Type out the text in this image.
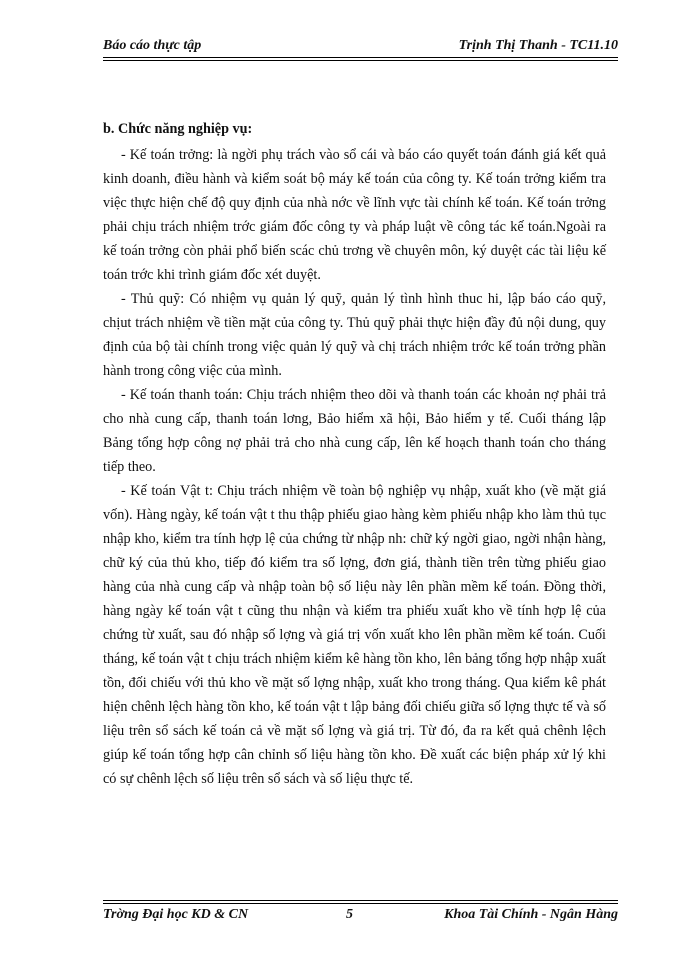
Báo cáo thực tập	Trịnh Thị Thanh - TC11.10

b. Chức năng nghiệp vụ:

- Kế toán trởng: là ngời phụ trách vào sổ cái và báo cáo quyết toán đánh giá kết quả kinh doanh, điều hành và kiểm soát bộ máy kế toán của công ty. Kế toán trởng kiểm tra việc thực hiện chế độ quy định của nhà nớc về lĩnh vực tài chính kế toán. Kế toán trởng phải chịu trách nhiệm trớc giám đốc công ty và pháp luật về công tác kế toán.Ngoài ra kế toán trởng còn phải phổ biến scác chủ trơng về chuyên môn, ký duyệt các tài liệu kế toán trớc khi trình giám đốc xét duyệt.

- Thủ quỹ: Có nhiệm vụ quản lý quỹ, quản lý tình hình thuc hi, lập báo cáo quỹ, chịut trách nhiệm về tiền mặt của công ty. Thủ quỹ phải thực hiện đầy đủ nội dung, quy định của bộ tài chính trong việc quản lý quỹ và chị trách nhiệm trớc kế toán trởng phần hành trong công việc của mình.

- Kế toán thanh toán: Chịu trách nhiệm theo dõi và thanh toán các khoản nợ phải trả cho nhà cung cấp, thanh toán lơng, Bảo hiểm xã hội, Bảo hiểm y tế. Cuối tháng lập Bảng tổng hợp công nợ phải trả cho nhà cung cấp, lên kế hoạch thanh toán cho tháng tiếp theo.

- Kế toán Vật t: Chịu trách nhiệm về toàn bộ nghiệp vụ nhập, xuất kho (về mặt giá vốn). Hàng ngày, kế toán vật t thu thập phiếu giao hàng kèm phiếu nhập kho làm thủ tục nhập kho, kiểm tra tính hợp lệ của chứng từ nhập nh: chữ ký ngời giao, ngời nhận hàng, chữ ký của thủ kho, tiếp đó kiểm tra số lợng, đơn giá, thành tiền trên từng phiếu giao hàng của nhà cung cấp và nhập toàn bộ số liệu này lên phần mềm kế toán. Đồng thời, hàng ngày kế toán vật t cũng thu nhận và kiểm tra phiếu xuất kho về tính hợp lệ của chứng từ xuất, sau đó nhập số lợng và giá trị vốn xuất kho lên phần mềm kế toán. Cuối tháng, kế toán vật t chịu trách nhiệm kiểm kê hàng tồn kho, lên bảng tổng hợp nhập xuất tồn, đối chiếu với thủ kho về mặt số lợng nhập, xuất kho trong tháng. Qua kiểm kê phát hiện chênh lệch hàng tồn kho, kế toán vật t lập bảng đối chiếu giữa số lợng thực tế và số liệu trên sổ sách kế toán cả về mặt số lợng và giá trị. Từ đó, đa ra kết quả chênh lệch giúp kế toán tổng hợp cân chỉnh số liệu hàng tồn kho. Đề xuất các biện pháp xử lý khi có sự chênh lệch số liệu trên sổ sách và số liệu thực tế.

Trờng Đại học KD & CN	5	Khoa Tài Chính - Ngân Hàng
